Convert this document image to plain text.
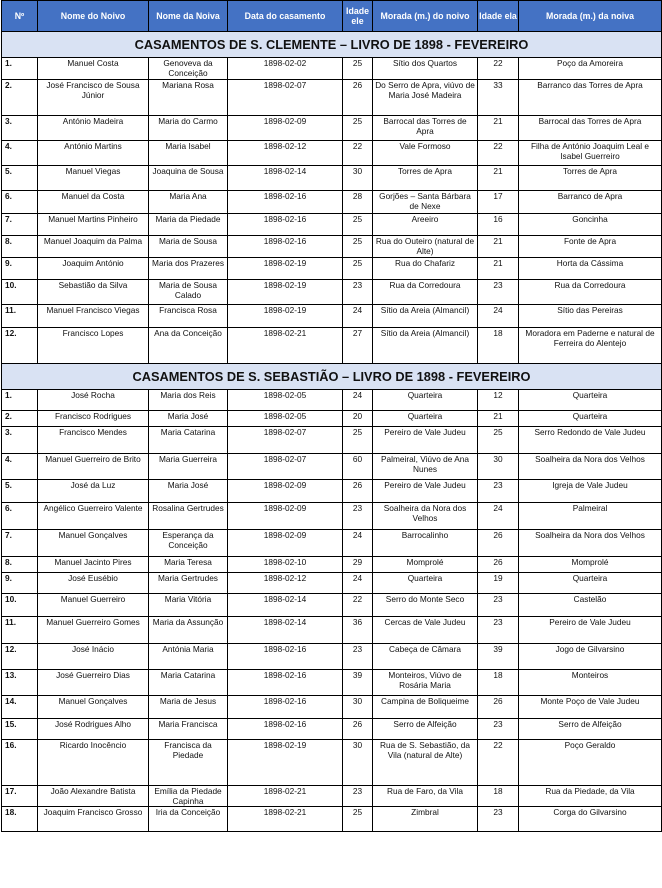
Nº	Nome do Noivo	Nome da Noiva	Data do casamento	Idade ele	Morada (m.) do noivo	Idade ela	Morada (m.) da noiva
CASAMENTOS DE S. CLEMENTE – LIVRO DE 1898 - FEVEREIRO							
1.	Manuel Costa	Genoveva da Conceição	1898-02-02	25	Sítio dos Quartos	22	Poço da Amoreira
2.	José Francisco de Sousa Júnior	Mariana Rosa	1898-02-07	26	Do Serro de Apra, viúvo de Maria José Madeira	33	Barranco das Torres de Apra
3.	António Madeira	Maria do Carmo	1898-02-09	25	Barrocal das Torres de Apra	21	Barrocal das Torres de Apra
4.	António Martins	Maria Isabel	1898-02-12	22	Vale Formoso	22	Filha de António Joaquim Leal e Isabel Guerreiro
5.	Manuel Viegas	Joaquina de Sousa	1898-02-14	30	Torres de Apra	21	Torres de Apra
6.	Manuel da Costa	Maria Ana	1898-02-16	28	Gorjões – Santa Bárbara de Nexe	17	Barranco de Apra
7.	Manuel Martins Pinheiro	Maria da Piedade	1898-02-16	25	Areeiro	16	Goncinha
8.	Manuel Joaquim da Palma	Maria de Sousa	1898-02-16	25	Rua do Outeiro (natural de Alte)	21	Fonte de Apra
9.	Joaquim António	Maria dos Prazeres	1898-02-19	25	Rua do Chafariz	21	Horta da Cássima
10.	Sebastião da Silva	Maria de Sousa Calado	1898-02-19	23	Rua da Corredoura	23	Rua da Corredoura
11.	Manuel Francisco Viegas	Francisca Rosa	1898-02-19	24	Sítio da Areia (Almancil)	24	Sítio das Pereiras
12.	Francisco Lopes	Ana da Conceição	1898-02-21	27	Sítio da Areia (Almancil)	18	Moradora em Paderne e natural de Ferreira do Alentejo
CASAMENTOS DE S. SEBASTIÃO – LIVRO DE 1898 - FEVEREIRO							
1.	José Rocha	Maria dos Reis	1898-02-05	24	Quarteira	12	Quarteira
2.	Francisco Rodrigues	Maria José	1898-02-05	20	Quarteira	21	Quarteira
3.	Francisco Mendes	Maria Catarina	1898-02-07	25	Pereiro de Vale Judeu	25	Serro Redondo de Vale Judeu
4.	Manuel Guerreiro de Brito	Maria Guerreira	1898-02-07	60	Palmeiral, Viúvo de Ana Nunes	30	Soalheira da Nora dos Velhos
5.	José da Luz	Maria José	1898-02-09	26	Pereiro de Vale Judeu	23	Igreja de Vale Judeu
6.	Angélico Guerreiro Valente	Rosalina Gertrudes	1898-02-09	23	Soalheira da Nora dos Velhos	24	Palmeiral
7.	Manuel Gonçalves	Esperança da Conceição	1898-02-09	24	Barrocalinho	26	Soalheira da Nora dos Velhos
8.	Manuel Jacinto Pires	Maria Teresa	1898-02-10	29	Momprolé	26	Momprolé
9.	José Eusébio	Maria Gertrudes	1898-02-12	24	Quarteira	19	Quarteira
10.	Manuel Guerreiro	Maria Vitória	1898-02-14	22	Serro do Monte Seco	23	Castelão
11.	Manuel Guerreiro Gomes	Maria da Assunção	1898-02-14	36	Cercas de Vale Judeu	23	Pereiro de Vale Judeu
12.	José Inácio	Antónia Maria	1898-02-16	23	Cabeça de Câmara	39	Jogo de Gilvarsino
13.	José Guerreiro Dias	Maria Catarina	1898-02-16	39	Monteiros, Viúvo de Rosária Maria	18	Monteiros
14.	Manuel Gonçalves	Maria de Jesus	1898-02-16	30	Campina de Boliqueime	26	Monte Poço de Vale Judeu
15.	José Rodrigues Alho	Maria Francisca	1898-02-16	26	Serro de Alfeição	23	Serro de Alfeição
16.	Ricardo Inocêncio	Francisca da Piedade	1898-02-19	30	Rua de S. Sebastião, da Vila (natural de Alte)	22	Poço Geraldo
17.	João Alexandre Batista	Emília da Piedade Capinha	1898-02-21	23	Rua de Faro, da Vila	18	Rua da Piedade, da Vila
18.	Joaquim Francisco Grosso	Iria da Conceição	1898-02-21	25	Zimbral	23	Corga do Gilvarsino
